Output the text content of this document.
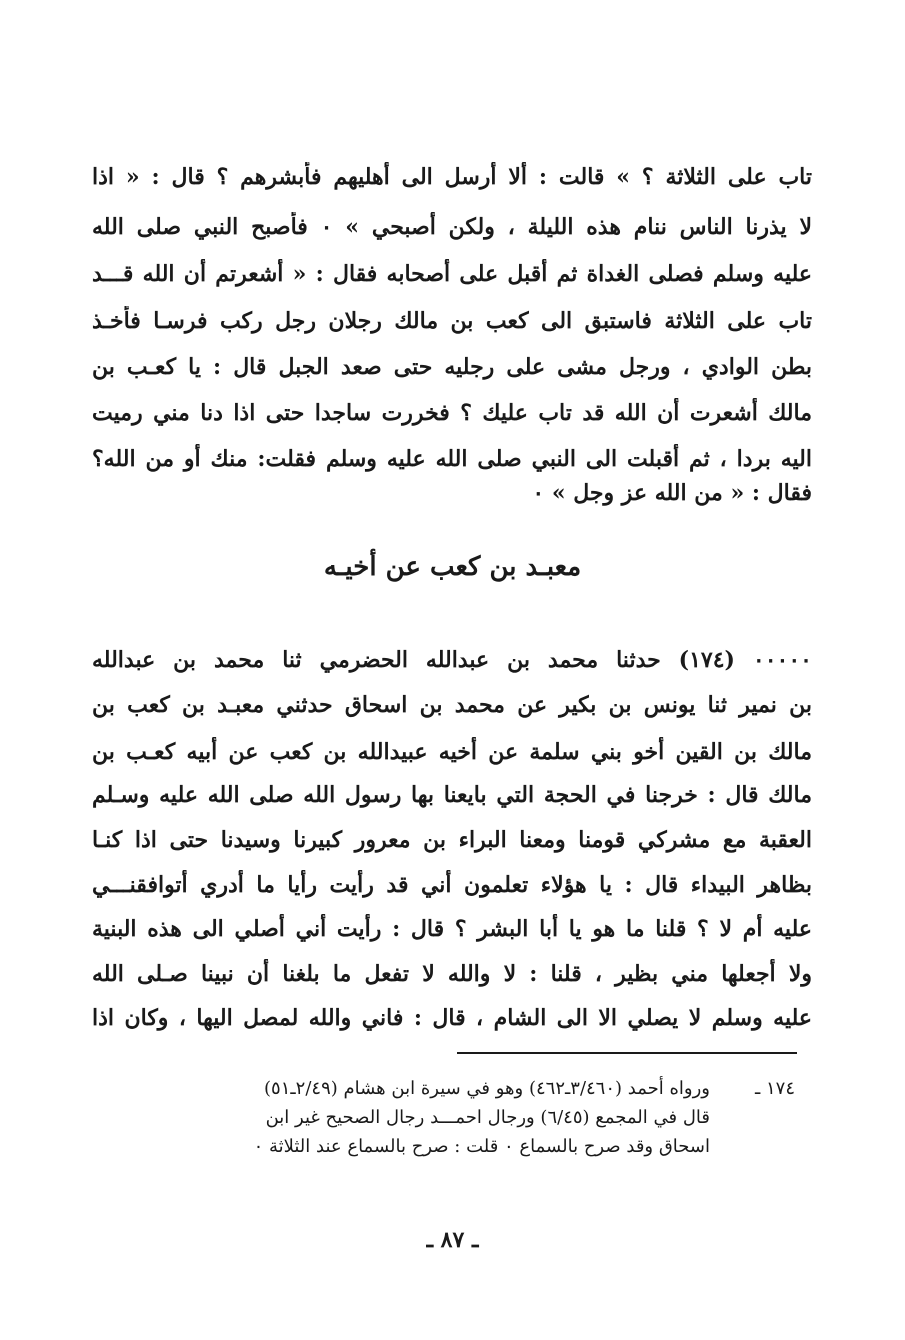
تاب على الثلاثة ؟ » قالت : ألا أرسل الى أهليهم فأبشرهم ؟ قال : « اذا
لا يذرنا الناس ننام هذه الليلة ، ولكن أصبحي » ٠ فأصبح النبي صلى الله
عليه وسلم فصلى الغداة ثم أقبل على أصحابه فقال : « أشعرتم أن الله قـــد
تاب على الثلاثة فاستبق الى كعب بن مالك رجلان رجل ركب فرسـا فأخـذ
بطن الوادي ، ورجل مشى على رجليه حتى صعد الجبل قال : يا كعـب بن
مالك أشعرت أن الله قد تاب عليك ؟ فخررت ساجدا حتى اذا دنا مني رميت
اليه بردا ، ثم أقبلت الى النبي صلى الله عليه وسلم فقلت: منك أو من الله؟
فقال : « من الله عز وجل » ٠
معبـد بن كعب عن أخيـه
٠٠٠٠٠ (١٧٤) حدثنا محمد بن عبدالله الحضرمي ثنا محمد بن عبدالله
بن نمير ثنا يونس بن بكير عن محمد بن اسحاق حدثني معبـد بن كعب بن
مالك بن القين أخو بني سلمة عن أخيه عبيدالله بن كعب عن أبيه كعـب بن
مالك قال : خرجنا في الحجة التي بايعنا بها رسول الله صلى الله عليه وسـلم
العقبة مع مشركي قومنا ومعنا البراء بن معرور كبيرنا وسيدنا حتى اذا كنـا
بظاهر البيداء قال : يا هؤلاء تعلمون أني قد رأيت رأيا ما أدري أتوافقنـــي
عليه أم لا ؟ قلنا ما هو يا أبا البشر ؟ قال : رأيت أني أصلي الى هذه البنية
ولا أجعلها مني بظير ، قلنا : لا والله لا تفعل ما بلغنا أن نبينا صـلى الله
عليه وسلم لا يصلي الا الى الشام ، قال : فاني والله لمصل اليها ، وكان اذا
١٧٤ ـ
ورواه أحمد (٣/٤٦٠ـ٤٦٢) وهو في سيرة ابن هشام (٢/٤٩ـ٥١)
قال في المجمع (٦/٤٥) ورجال احمـــد رجال الصحيح غير ابن
اسحاق وقد صرح بالسماع ٠ قلت : صرح بالسماع عند الثلاثة ٠
ـ ٨٧ ـ
